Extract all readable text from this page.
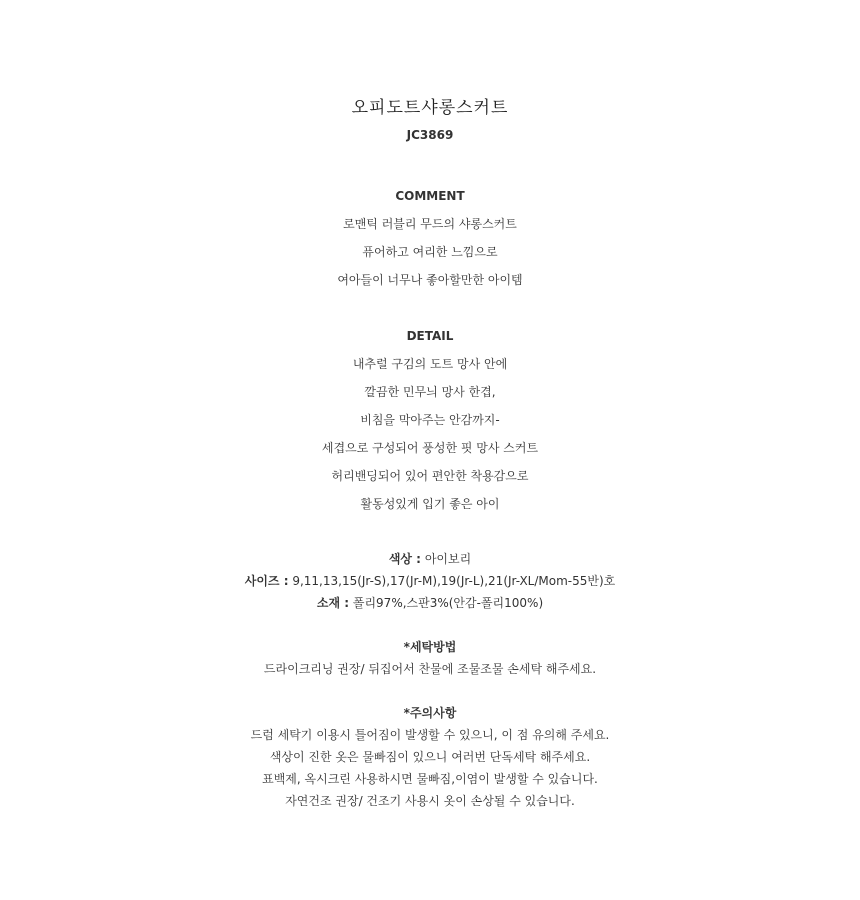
오피도트샤롱스커트
JC3869
COMMENT
로맨틱 러블리 무드의 샤롱스커트
퓨어하고 여리한 느낌으로
여아들이 너무나 좋아할만한 아이템
DETAIL
내추럴 구김의 도트 망사 안에
깔끔한 민무늬 망사 한겹,
비침을 막아주는 안감까지-
세겹으로 구성되어 풍성한 핏 망사 스커트
허리밴딩되어 있어 편안한 착용감으로
활동성있게 입기 좋은 아이
색상 : 아이보리
사이즈 : 9,11,13,15(Jr-S),17(Jr-M),19(Jr-L),21(Jr-XL/Mom-55반)호
소재 : 폴리97%,스판3%(안감-폴리100%)
*세탁방법
드라이크리닝 권장/ 뒤집어서 찬물에 조물조물 손세탁 해주세요.
*주의사항
드럼 세탁기 이용시 틀어짐이 발생할 수 있으니, 이 점 유의해 주세요.
색상이 진한 옷은 물빠짐이 있으니 여러번 단독세탁 해주세요.
표백제, 옥시크린 사용하시면 물빠짐,이염이 발생할 수 있습니다.
자연건조 권장/ 건조기 사용시 옷이 손상될 수 있습니다.
